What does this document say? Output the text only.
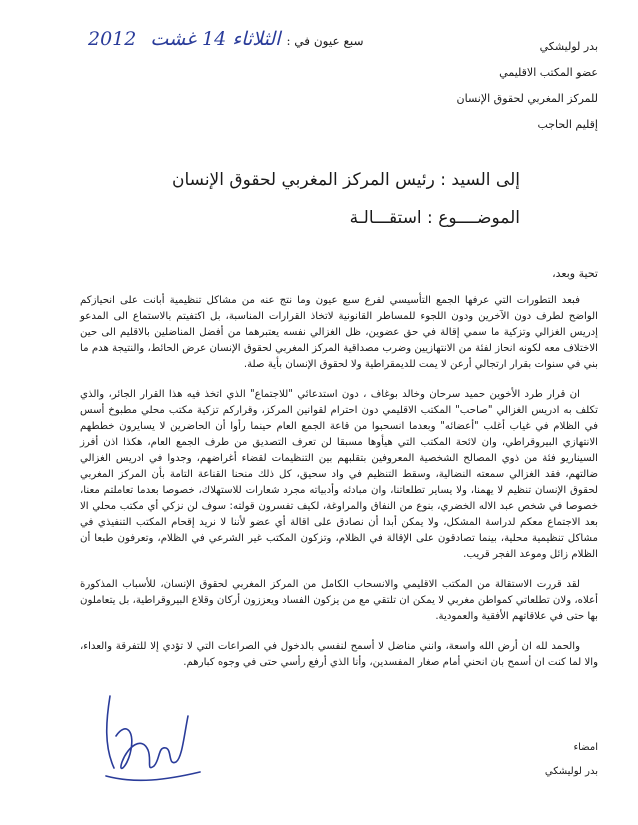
سبع عيون في : الثلاثاء 14 غشت 2012	بدر لوليشكي
عضو المكتب الاقليمي
للمركز المغربي لحقوق الإنسان
إقليم الحاجب
إلى السيد : رئيس المركز المغربي لحقوق الإنسان
الموضــــوع : استقـــالـة
تحية وبعد،

فبعد التطورات التي عرفها الجمع التأسيسي لفرع سبع عيون وما نتج عنه من مشاكل تنظيمية أبانت على انحيازكم الواضح لطرف دون الآخرين ودون اللجوء للمساطر القانونية لاتخاذ القرارات المناسبة، بل اكتفيتم بالاستماع الى المدعو إدريس الغزالي وتزكية ما سمي إقالة في حق عضوين، ظل الغزالي نفسه يعتبرهما من أفضل المناضلين بالاقليم الى حين الاختلاف معه لكونه انحاز لفئة من الانتهازيين وضرب مصداقية المركز المغربي لحقوق الإنسان عرض الحائط، والنتيجة هدم ما بني في سنوات بقرار ارتجالي أرعن لا يمت للديمقراطية ولا لحقوق الإنسان بأية صلة.

ان قرار طرد الأخوين حميد سرحان وخالد بوغاف ، دون استدعائي "للاجتماع" الذي اتخذ فيه هذا القرار الجائر، والذي تكلف به ادريس الغزالي "صاحب" المكتب الاقليمي دون احترام لقوانين المركز، وقراركم تزكية مكتب محلي مطبوخ أسس في الظلام في غياب أغلب "أعضائه" وبعدما انسحبوا من قاعة الجمع العام حينما رأوا أن الحاضرين لا يسايرون خططهم الانتهازي البيروقراطي، وان لائحة المكتب التي هيأوها مسبقا لن تعرف التصديق من طرف الجمع العام، هكذا اذن أفرز السيناريو فئة من ذوي المصالح الشخصية المعروفين بتقلبهم بين التنظيمات لقضاء أغراضهم، وجدوا في ادريس الغزالي ضالتهم، فقد الغزالي سمعته النضالية، وسقط التنظيم في واد سحيق، كل ذلك منحنا القناعة التامة بأن المركز المغربي لحقوق الإنسان تنظيم لا يهمنا، ولا يساير تطلعاتنا، وان مبادئه وأدبياته مجرد شعارات للاستهلاك، خصوصا بعدما تعاملتم معنا، خصوصا في شخص عبد الاله الخضري، بنوع من النفاق والمراوغة، لكيف تفسرون قولته: سوف لن نزكي أي مكتب محلي الا بعد الاجتماع معكم لدراسة المشكل، ولا يمكن أبدا أن نصادق على اقالة أي عضو لأننا لا نريد إقحام المكتب التنفيذي في مشاكل تنظيمية محلية، بينما تصادقون على الإقالة في الظلام، وتزكون المكتب غير الشرعي في الظلام، وتعرفون طبعا أن الظلام زائل وموعد الفجر قريب.

لقد قررت الاستقالة من المكتب الاقليمي والانسحاب الكامل من المركز المغربي لحقوق الإنسان، للأسباب المذكورة أعلاه، ولان تطلعاتي كمواطن مغربي لا يمكن ان تلتقي مع من يزكون الفساد ويعززون أركان وقلاع البيروقراطية، بل يتعاملون بها حتى في علاقاتهم الأفقية والعمودية.

والحمد لله ان أرض الله واسعة، وانني مناضل لا أسمح لنفسي بالدخول في الصراعات التي لا تؤدي إلا للتفرقة والعداء، والا لما كنت ان أسمح بان انحني أمام صغار المفسدين، وأنا الذي أرفع رأسي حتى في وجوه كبارهم.

امضاء
بدر لوليشكي
